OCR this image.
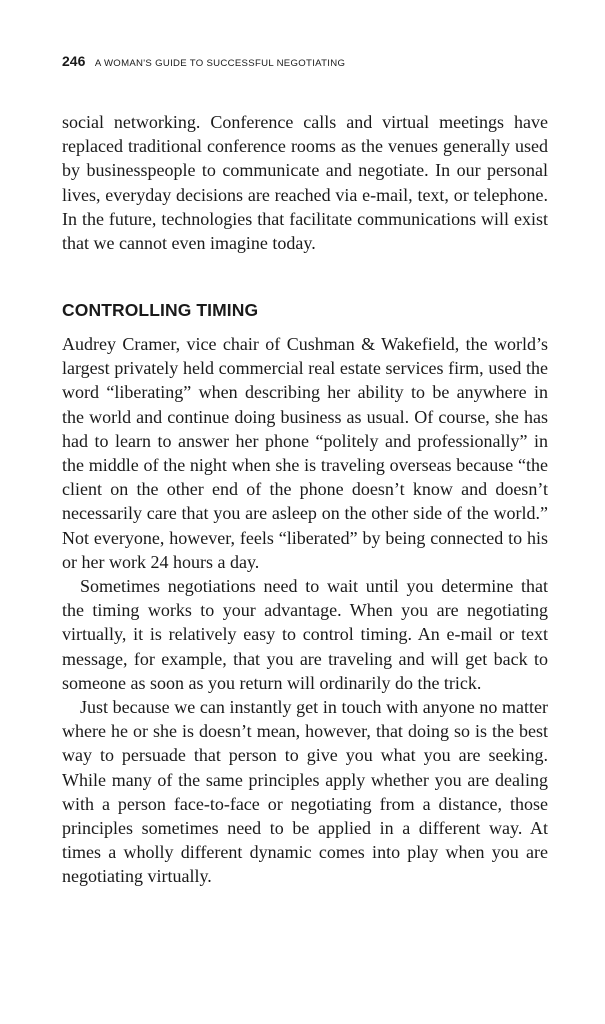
246 A WOMAN'S GUIDE TO SUCCESSFUL NEGOTIATING

social networking. Conference calls and virtual meetings have replaced traditional conference rooms as the venues generally used by businesspeople to communicate and negotiate. In our personal lives, everyday decisions are reached via e-mail, text, or telephone. In the future, technologies that facilitate communications will exist that we cannot even imagine today.

CONTROLLING TIMING

Audrey Cramer, vice chair of Cushman & Wakefield, the world’s largest privately held commercial real estate services firm, used the word “liberating” when describing her ability to be anywhere in the world and continue doing business as usual. Of course, she has had to learn to answer her phone “politely and professionally” in the middle of the night when she is traveling overseas because “the client on the other end of the phone doesn’t know and doesn’t necessarily care that you are asleep on the other side of the world.” Not everyone, however, feels “liberated” by being connected to his or her work 24 hours a day.

Sometimes negotiations need to wait until you determine that the timing works to your advantage. When you are negotiating virtually, it is relatively easy to control timing. An e-mail or text message, for example, that you are traveling and will get back to someone as soon as you return will ordinarily do the trick.

Just because we can instantly get in touch with anyone no matter where he or she is doesn’t mean, however, that doing so is the best way to persuade that person to give you what you are seeking. While many of the same principles apply whether you are dealing with a person face-to-face or negotiating from a distance, those principles sometimes need to be applied in a different way. At times a wholly different dynamic comes into play when you are negotiating virtually.
